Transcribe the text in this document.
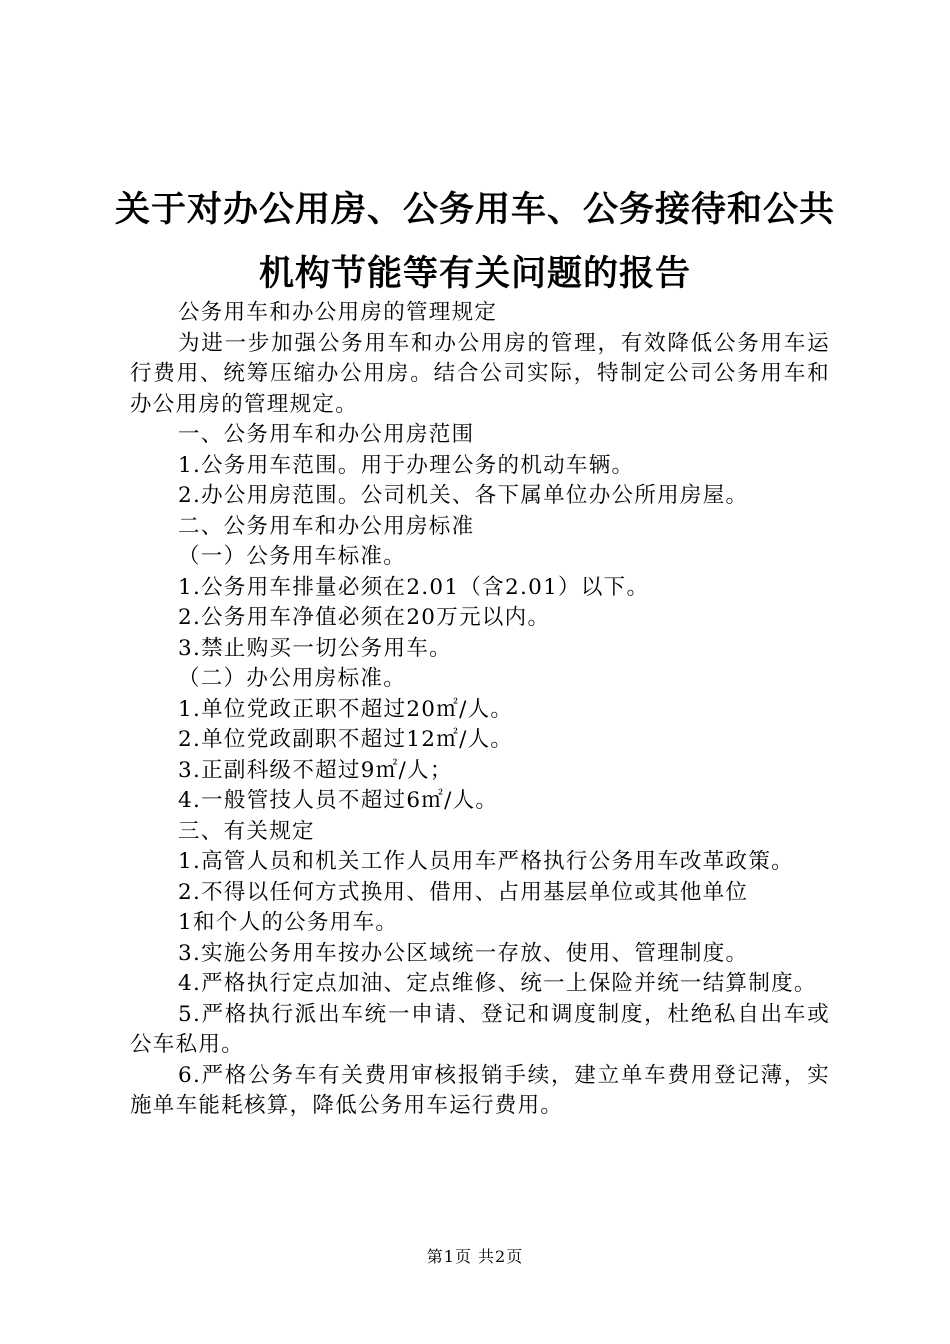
关于对办公用房、公务用车、公务接待和公共
机构节能等有关问题的报告

公务用车和办公用房的管理规定

为进一步加强公务用车和办公用房的管理，有效降低公务用车运行费用、统筹压缩办公用房。结合公司实际，特制定公司公务用车和办公用房的管理规定。

一、公务用车和办公用房范围

1.公务用车范围。用于办理公务的机动车辆。

2.办公用房范围。公司机关、各下属单位办公所用房屋。

二、公务用车和办公用房标准

（一）公务用车标准。

1.公务用车排量必须在2.01（含2.01）以下。

2.公务用车净值必须在20万元以内。

3.禁止购买一切公务用车。

（二）办公用房标准。

1.单位党政正职不超过20㎡/人。

2.单位党政副职不超过12㎡/人。

3.正副科级不超过9㎡/人；

4.一般管技人员不超过6㎡/人。

三、有关规定

1.高管人员和机关工作人员用车严格执行公务用车改革政策。

2.不得以任何方式换用、借用、占用基层单位或其他单位

1和个人的公务用车。

3.实施公务用车按办公区域统一存放、使用、管理制度。

4.严格执行定点加油、定点维修、统一上保险并统一结算制度。

5.严格执行派出车统一申请、登记和调度制度，杜绝私自出车或公车私用。

6.严格公务车有关费用审核报销手续，建立单车费用登记薄，实施单车能耗核算，降低公务用车运行费用。

第1页 共2页
